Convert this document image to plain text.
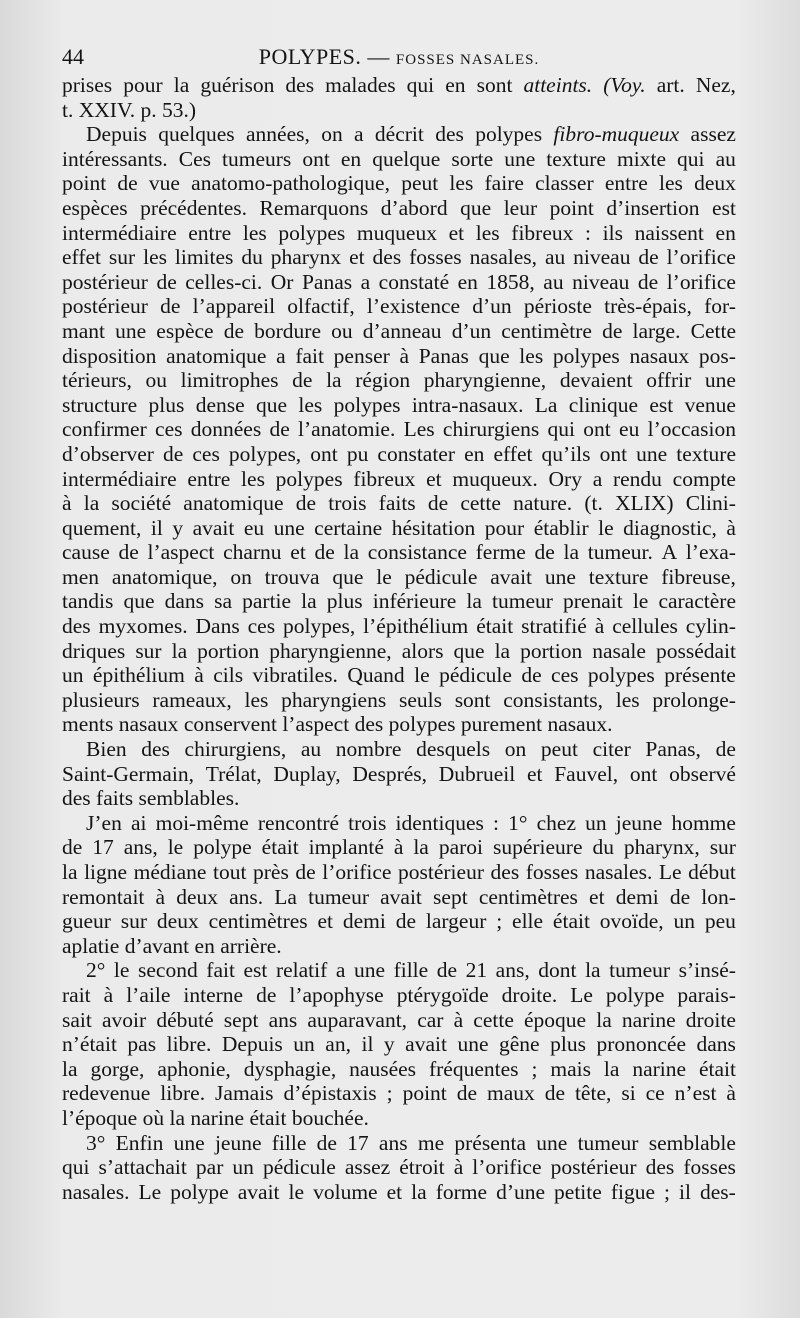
44	POLYPES. — FOSSES NASALES.
prises pour la guérison des malades qui en sont atteints. (Voy. art. Nez,
t. XXIV. p. 53.)
Depuis quelques années, on a décrit des polypes fibro-muqueux assez
intéressants. Ces tumeurs ont en quelque sorte une texture mixte qui au
point de vue anatomo-pathologique, peut les faire classer entre les deux
espèces précédentes. Remarquons d’abord que leur point d’insertion est
intermédiaire entre les polypes muqueux et les fibreux : ils naissent en
effet sur les limites du pharynx et des fosses nasales, au niveau de l’orifice
postérieur de celles-ci. Or Panas a constaté en 1858, au niveau de l’orifice
postérieur de l’appareil olfactif, l’existence d’un périoste très-épais, for-
mant une espèce de bordure ou d’anneau d’un centimètre de large. Cette
disposition anatomique a fait penser à Panas que les polypes nasaux pos-
térieurs, ou limitrophes de la région pharyngienne, devaient offrir une
structure plus dense que les polypes intra-nasaux. La clinique est venue
confirmer ces données de l’anatomie. Les chirurgiens qui ont eu l’occasion
d’observer de ces polypes, ont pu constater en effet qu’ils ont une texture
intermédiaire entre les polypes fibreux et muqueux. Ory a rendu compte
à la société anatomique de trois faits de cette nature. (t. XLIX) Clini-
quement, il y avait eu une certaine hésitation pour établir le diagnostic, à
cause de l’aspect charnu et de la consistance ferme de la tumeur. A l’exa-
men anatomique, on trouva que le pédicule avait une texture fibreuse,
tandis que dans sa partie la plus inférieure la tumeur prenait le caractère
des myxomes. Dans ces polypes, l’épithélium était stratifié à cellules cylin-
driques sur la portion pharyngienne, alors que la portion nasale possédait
un épithélium à cils vibratiles. Quand le pédicule de ces polypes présente
plusieurs rameaux, les pharyngiens seuls sont consistants, les prolonge-
ments nasaux conservent l’aspect des polypes purement nasaux.
Bien des chirurgiens, au nombre desquels on peut citer Panas, de
Saint-Germain, Trélat, Duplay, Després, Dubrueil et Fauvel, ont observé
des faits semblables.
J’en ai moi-même rencontré trois identiques : 1° chez un jeune homme
de 17 ans, le polype était implanté à la paroi supérieure du pharynx, sur
la ligne médiane tout près de l’orifice postérieur des fosses nasales. Le début
remontait à deux ans. La tumeur avait sept centimètres et demi de lon-
gueur sur deux centimètres et demi de largeur ; elle était ovoïde, un peu
aplatie d’avant en arrière.
2° le second fait est relatif a une fille de 21 ans, dont la tumeur s’insé-
rait à l’aile interne de l’apophyse ptérygoïde droite. Le polype parais-
sait avoir débuté sept ans auparavant, car à cette époque la narine droite
n’était pas libre. Depuis un an, il y avait une gêne plus prononcée dans
la gorge, aphonie, dysphagie, nausées fréquentes ; mais la narine était
redevenue libre. Jamais d’épistaxis ; point de maux de tête, si ce n’est à
l’époque où la narine était bouchée.
3° Enfin une jeune fille de 17 ans me présenta une tumeur semblable
qui s’attachait par un pédicule assez étroit à l’orifice postérieur des fosses
nasales. Le polype avait le volume et la forme d’une petite figue ; il des-
